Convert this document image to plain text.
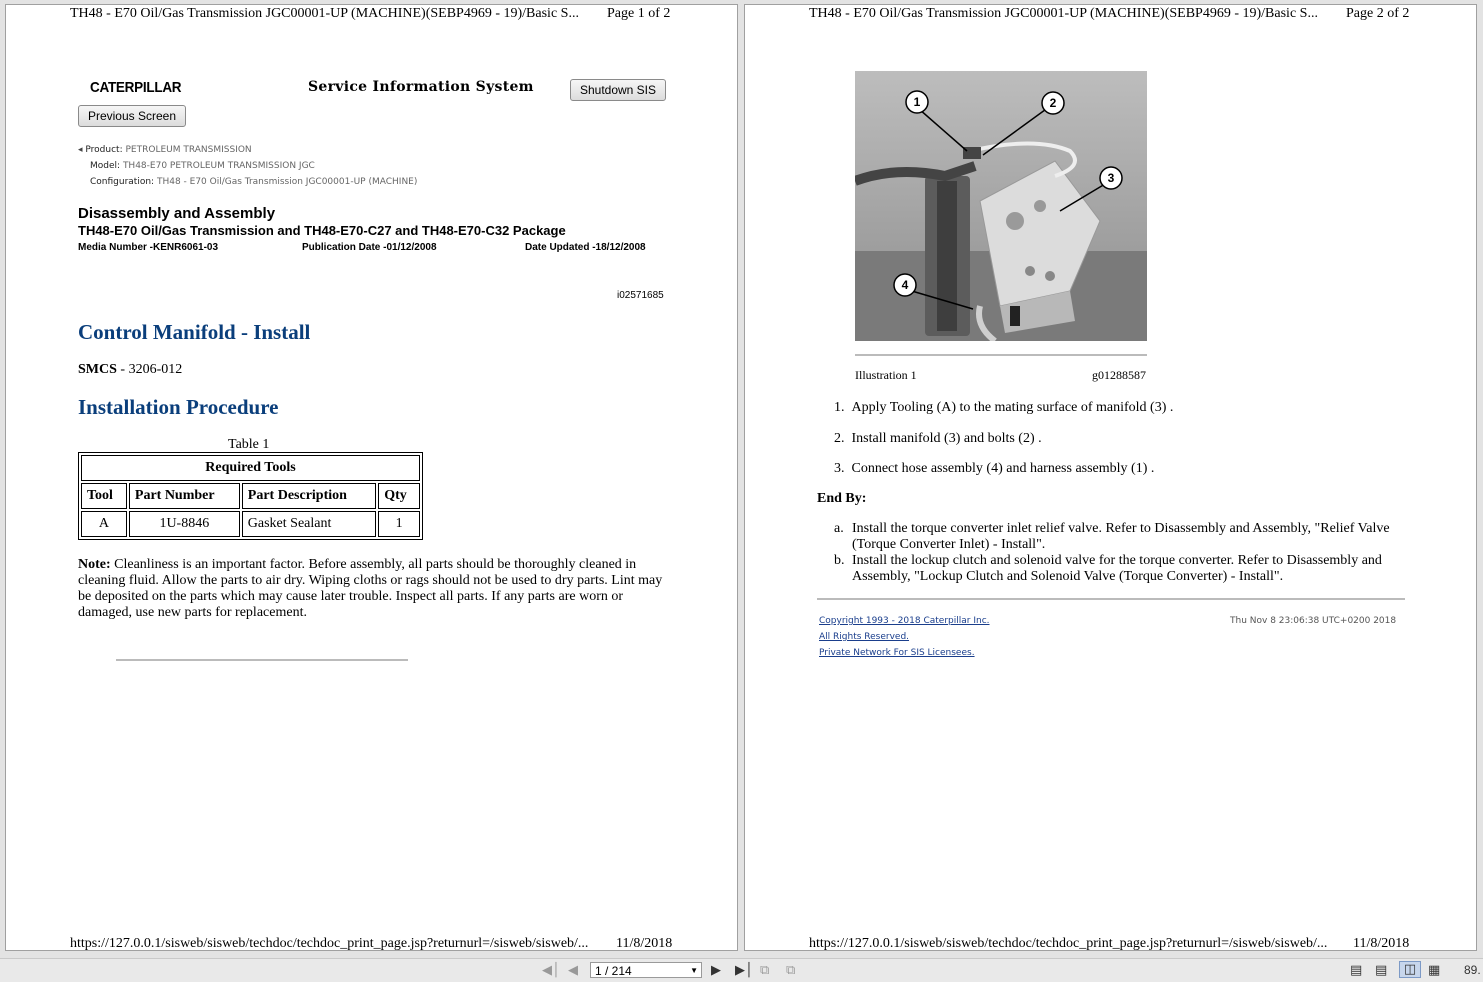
TH48 - E70 Oil/Gas Transmission JGC00001-UP (MACHINE)(SEBP4969 - 19)/Basic S... Page 1 of 2
CATERPILLAR	Service Information System	Shutdown SIS
Previous Screen
◂ Product: PETROLEUM TRANSMISSION
Model: TH48-E70 PETROLEUM TRANSMISSION JGC
Configuration: TH48 - E70 Oil/Gas Transmission JGC00001-UP (MACHINE)
Disassembly and Assembly
TH48-E70 Oil/Gas Transmission and TH48-E70-C27 and TH48-E70-C32 Package
Media Number -KENR6061-03	Publication Date -01/12/2008	Date Updated -18/12/2008
i02571685
Control Manifold - Install
SMCS - 3206-012
Installation Procedure
Table 1
Required Tools			
Tool	Part Number	Part Description	Qty
A	1U-8846	Gasket Sealant	1
Note: Cleanliness is an important factor. Before assembly, all parts should be thoroughly cleaned in cleaning fluid. Allow the parts to air dry. Wiping cloths or rags should not be used to dry parts. Lint may be deposited on the parts which may cause later trouble. Inspect all parts. If any parts are worn or damaged, use new parts for replacement.
https://127.0.0.1/sisweb/sisweb/techdoc/techdoc_print_page.jsp?returnurl=/sisweb/sisweb/... 11/8/2018
TH48 - E70 Oil/Gas Transmission JGC00001-UP (MACHINE)(SEBP4969 - 19)/Basic S... Page 2 of 2
1	2
3
4
Illustration 1	g01288587
1.  Apply Tooling (A) to the mating surface of manifold (3) .
2.  Install manifold (3) and bolts (2) .
3.  Connect hose assembly (4) and harness assembly (1) .
End By:
a. Install the torque converter inlet relief valve. Refer to Disassembly and Assembly, "Relief Valve (Torque Converter Inlet) - Install".
b. Install the lockup clutch and solenoid valve for the torque converter. Refer to Disassembly and Assembly, "Lockup Clutch and Solenoid Valve (Torque Converter) - Install".
Copyright 1993 - 2018 Caterpillar Inc.
All Rights Reserved.
Private Network For SIS Licensees.
Thu Nov 8 23:06:38 UTC+0200 2018
https://127.0.0.1/sisweb/sisweb/techdoc/techdoc_print_page.jsp?returnurl=/sisweb/sisweb/... 11/8/2018
◀│ ◀	1 / 214	▼ ▶ ▶│ ⧉ ⧉	▤ ▤	◫ ▦ 89.
